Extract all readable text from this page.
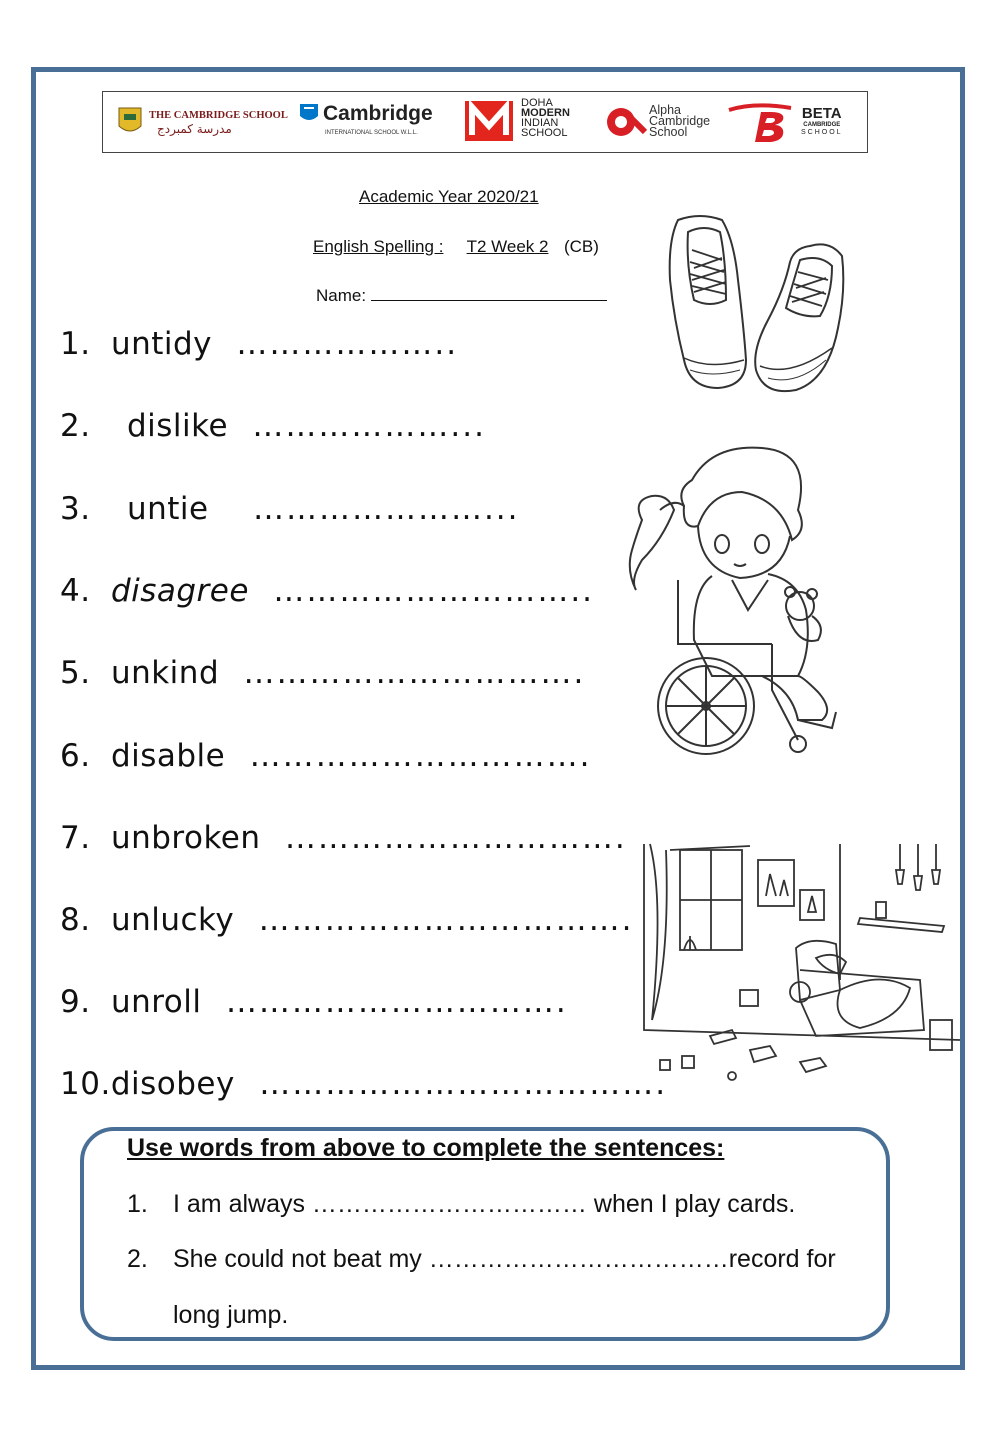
THE CAMBRIDGE SCHOOL
مدرسة كمبردج
Cambridge
INTERNATIONAL SCHOOL W.L.L.
DOHA
MODERN
INDIAN
SCHOOL
Alpha
Cambridge
School
BETA
CAMBRIDGE
SCHOOL
Academic Year 2020/21
English Spelling : T2 Week 2 (CB)
Name:
1. untidy ………………..
2. dislike ………………...
3. untie …………………...
4. disagree ………………………..
5. unkind ………………………….
6. disable ………………………….
7. unbroken ………………………….
8. unlucky …………………………….
9. unroll ………………………….
10.disobey ……………………………….
Use words from above to complete the sentences:
1. I am always …………………………… when I play cards.
2. She could not beat my ………………………………record for
long jump.
